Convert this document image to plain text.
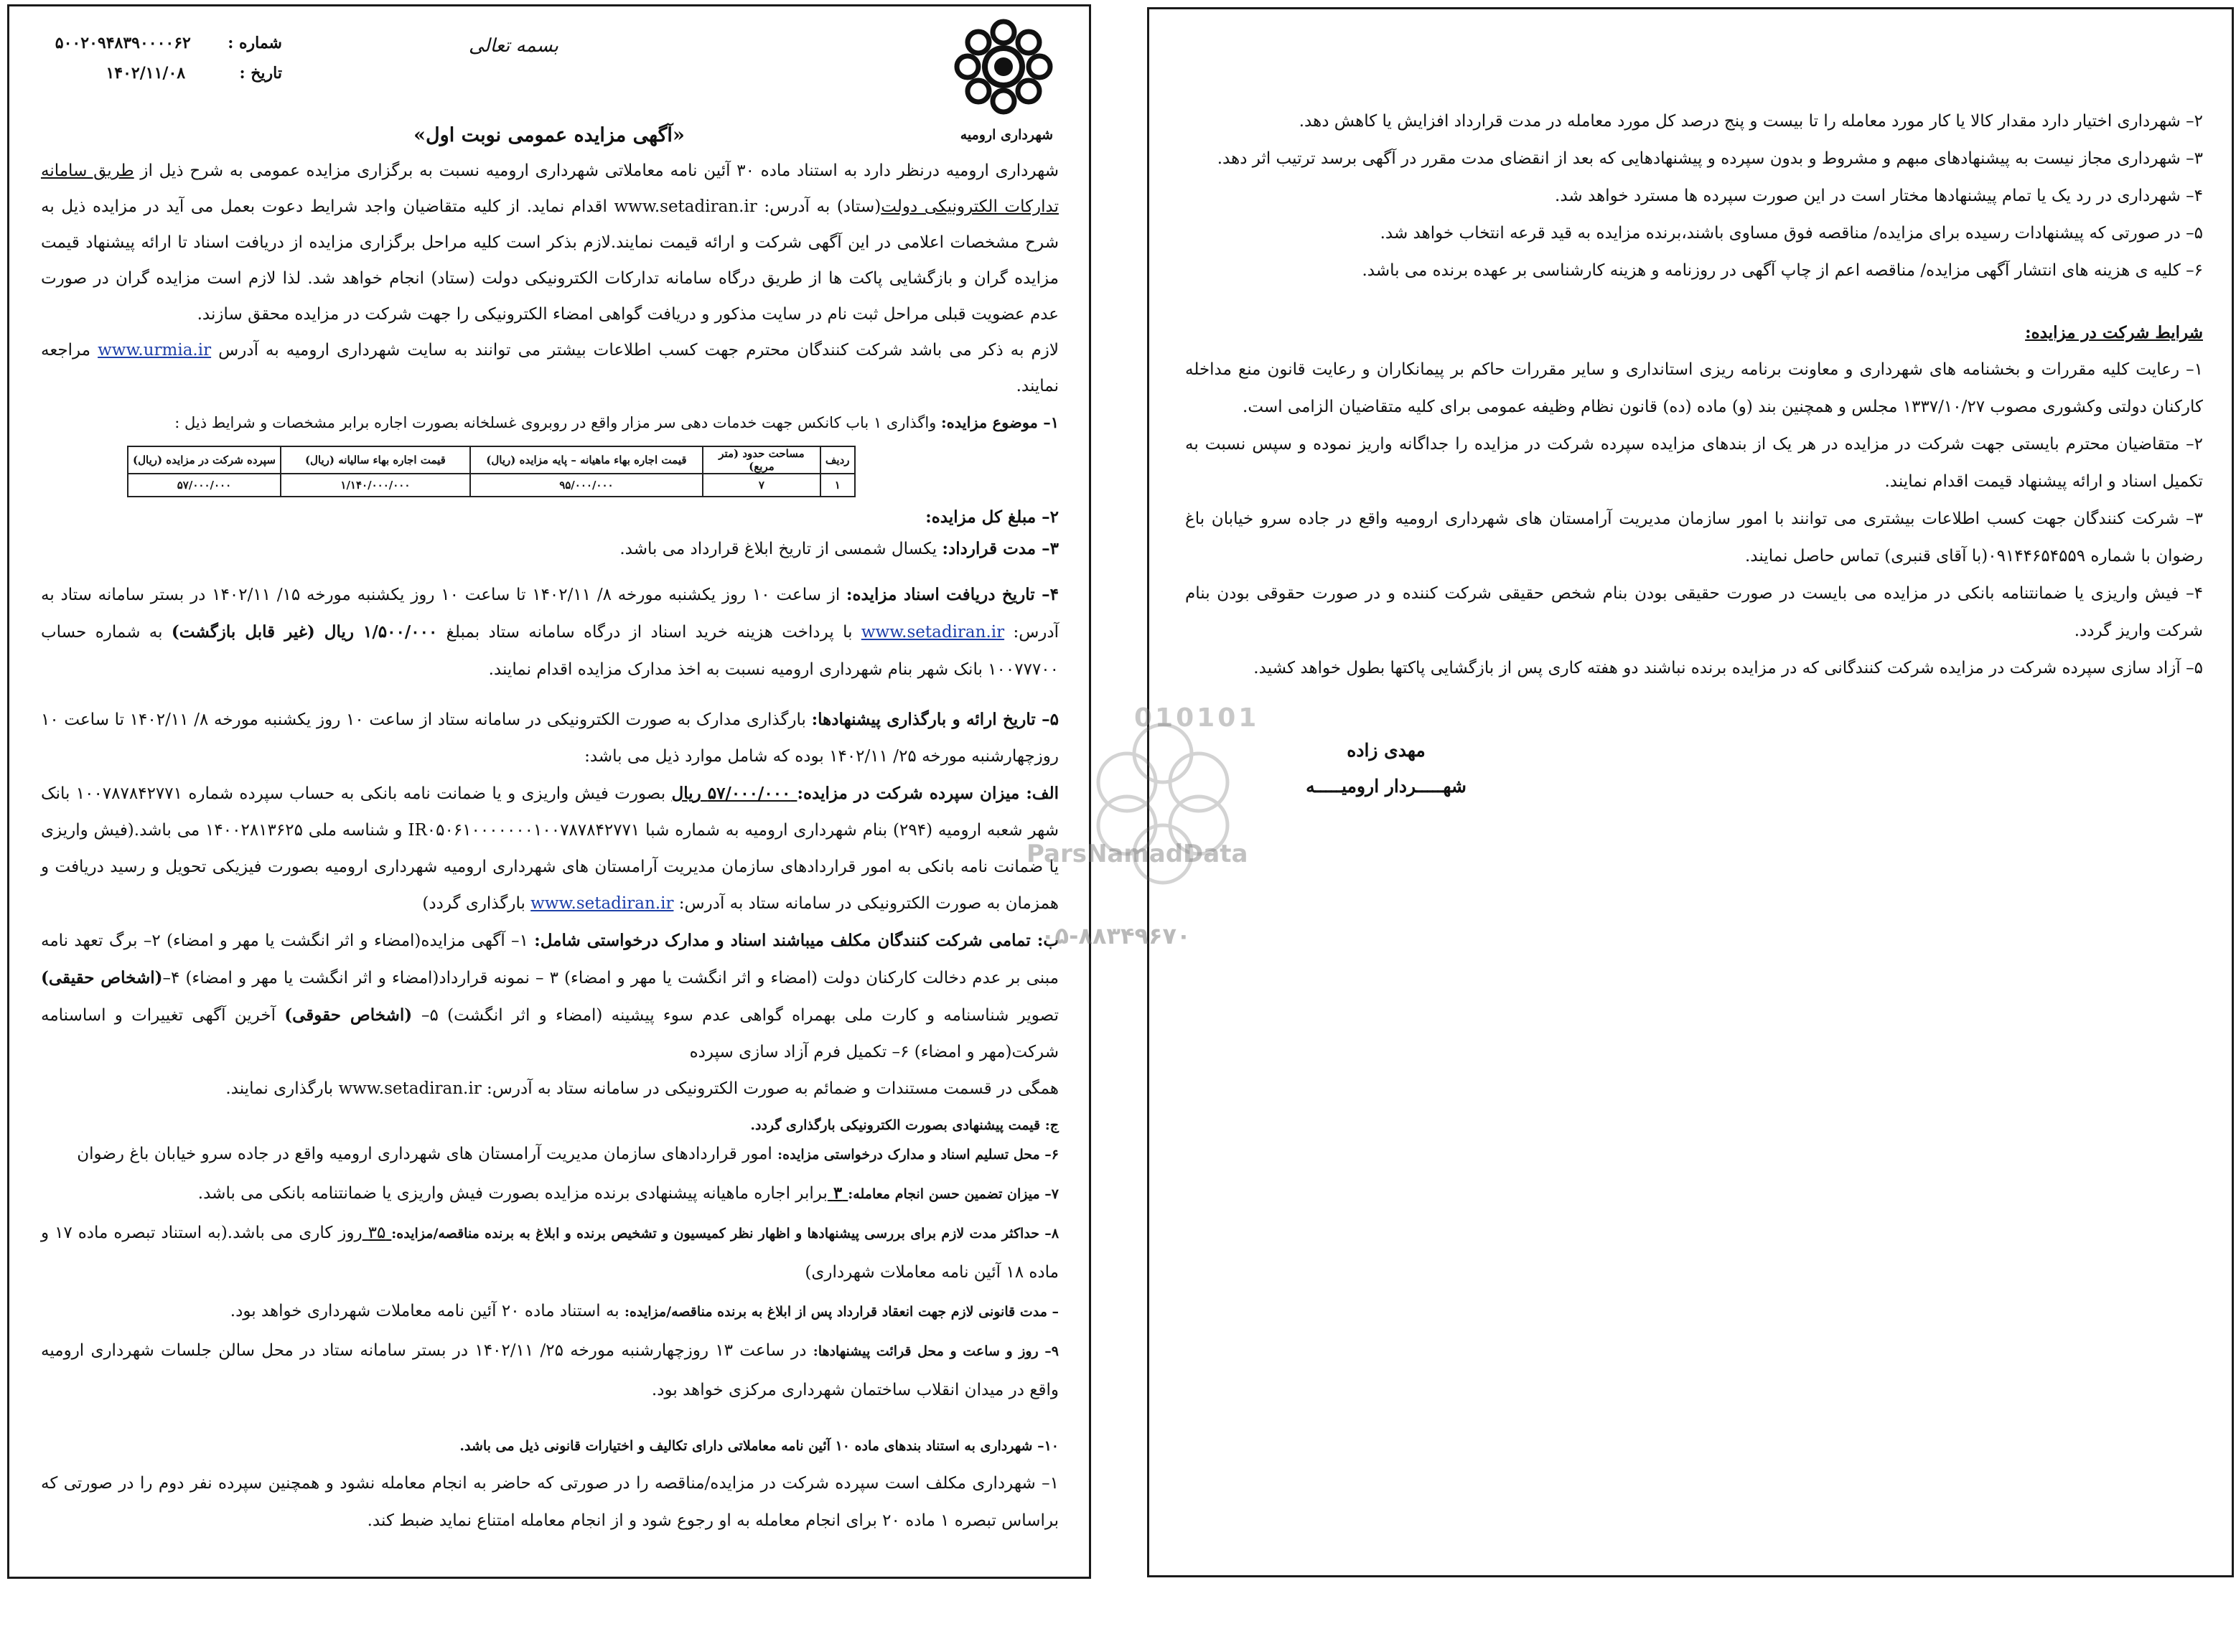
شهرداری ارومیه
بسمه تعالی
شماره :  ۵۰۰۲۰۹۴۸۳۹۰۰۰۰۶۲
تاریخ :  ۱۴۰۲/۱۱/۰۸
«آگهی مزایده عمومی نوبت اول»

شهرداری ارومیه درنظر دارد به استناد ماده ۳۰ آئین نامه معاملاتی شهرداری ارومیه نسبت به برگزاری مزایده عمومی به شرح ذیل از طریق سامانه تدارکات الکترونیکی دولت(ستاد) به آدرس: www.setadiran.ir اقدام نماید. از کلیه متقاضیان واجد شرایط دعوت بعمل می آید در مزایده ذیل به شرح مشخصات اعلامی در این آگهی شرکت و ارائه قیمت نمایند.لازم بذکر است کلیه مراحل برگزاری مزایده از دریافت اسناد تا ارائه پیشنهاد قیمت مزایده گران و بازگشایی پاکت ها از طریق درگاه سامانه تدارکات الکترونیکی دولت (ستاد) انجام خواهد شد. لذا لازم است مزایده گران در صورت عدم عضویت قبلی مراحل ثبت نام در سایت مذکور و دریافت گواهی امضاء الکترونیکی را جهت شرکت در مزایده محقق سازند.

لازم به ذکر می باشد شرکت کنندگان محترم جهت کسب اطلاعات بیشتر می توانند به سایت شهرداری ارومیه به آدرس www.urmia.ir مراجعه نمایند.

۱– موضوع مزایده: واگذاری ۱ باب کانکس جهت خدمات دهی سر مزار واقع در روبروی غسلخانه بصورت اجاره برابر مشخصات و شرایط ذیل :
ردیف	مساحت حدود (متر مربع)	قیمت اجاره بهاء ماهیانه – پایه مزایده (ریال)	قیمت اجاره بهاء سالیانه (ریال)	سپرده شرکت در مزایده (ریال)
۱	۷	۹۵/۰۰۰/۰۰۰	۱/۱۴۰/۰۰۰/۰۰۰	۵۷/۰۰۰/۰۰۰

۲– مبلغ کل مزایده:

۳– مدت قرارداد: یکسال شمسی از تاریخ ابلاغ قرارداد می باشد.

۴– تاریخ دریافت اسناد مزایده: از ساعت ۱۰ روز یکشنبه مورخه ۸/ ۱۴۰۲/۱۱ تا ساعت ۱۰ روز یکشنبه مورخه ۱۵/ ۱۴۰۲/۱۱ در بستر سامانه ستاد به آدرس: www.setadiran.ir با پرداخت هزینه خرید اسناد از درگاه سامانه ستاد بمبلغ ۱/۵۰۰/۰۰۰ ریال (غیر قابل بازگشت) به شماره حساب ۱۰۰۷۷۷۰۰ بانک شهر بنام شهرداری ارومیه نسبت به اخذ مدارک مزایده اقدام نمایند.

۵– تاریخ ارائه و بارگذاری پیشنهادها: بارگذاری مدارک به صورت الکترونیکی در سامانه ستاد از ساعت ۱۰ روز یکشنبه مورخه ۸/ ۱۴۰۲/۱۱ تا ساعت ۱۰ روزچهارشنبه مورخه ۲۵/ ۱۴۰۲/۱۱ بوده که شامل موارد ذیل می باشد:

الف: میزان سپرده شرکت در مزایده: ۵۷/۰۰۰/۰۰۰ ریال بصورت فیش واریزی و یا ضمانت نامه بانکی به حساب سپرده شماره ۱۰۰۷۸۷۸۴۲۷۷۱ بانک شهر شعبه ارومیه (۲۹۴) بنام شهرداری ارومیه به شماره شبا IR۰۵۰۶۱۰۰۰۰۰۰۰۱۰۰۷۸۷۸۴۲۷۷۱ و شناسه ملی ۱۴۰۰۲۸۱۳۶۲۵ می باشد.(فیش واریزی یا ضمانت نامه بانکی به امور قراردادهای سازمان مدیریت آرامستان های شهرداری ارومیه شهرداری ارومیه بصورت فیزیکی تحویل و رسید دریافت و همزمان به صورت الکترونیکی در سامانه ستاد به آدرس: www.setadiran.ir بارگذاری گردد)

ب: تمامی شرکت کنندگان مکلف میباشند اسناد و مدارک درخواستی شامل: ۱– آگهی مزایده(امضاء و اثر انگشت یا مهر و امضاء) ۲– برگ تعهد نامه مبنی بر عدم دخالت کارکنان دولت (امضاء و اثر انگشت یا مهر و امضاء) ۳ – نمونه قرارداد(امضاء و اثر انگشت یا مهر و امضاء) ۴–(اشخاص حقیقی) تصویر شناسنامه و کارت ملی بهمراه گواهی عدم سوء پیشینه (امضاء و اثر انگشت) ۵– (اشخاص حقوقی) آخرین آگهی تغییرات و اساسنامه شرکت(مهر و امضاء) ۶– تکمیل فرم آزاد سازی سپرده

همگی در قسمت مستندات و ضمائم به صورت الکترونیکی در سامانه ستاد به آدرس: www.setadiran.ir بارگذاری نمایند.

ج: قیمت پیشنهادی بصورت الکترونیکی بارگذاری گردد.

۶– محل تسلیم اسناد و مدارک درخواستی مزایده: امور قراردادهای سازمان مدیریت آرامستان های شهرداری ارومیه واقع در جاده سرو خیابان باغ رضوان

۷– میزان تضمین حسن انجام معامله: ۳ برابر اجاره ماهیانه پیشنهادی برنده مزایده بصورت فیش واریزی یا ضمانتنامه بانکی می باشد.

۸– حداکثر مدت لازم برای بررسی پیشنهادها و اظهار نظر کمیسیون و تشخیص برنده و ابلاغ به برنده مناقصه/مزایده: ۳۵ روز کاری می باشد.(به استناد تبصره ماده ۱۷ و ماده ۱۸ آئین نامه معاملات شهرداری)

– مدت قانونی لازم جهت انعقاد قرارداد پس از ابلاغ به برنده مناقصه/مزایده: به استناد ماده ۲۰ آئین نامه معاملات شهرداری خواهد بود.

۹– روز و ساعت و محل قرائت پیشنهادها: در ساعت ۱۳ روزچهارشنبه مورخه ۲۵/ ۱۴۰۲/۱۱ در بستر سامانه ستاد در محل سالن جلسات شهرداری ارومیه واقع در میدان انقلاب ساختمان شهرداری مرکزی خواهد بود.

۱۰– شهرداری به استناد بندهای ماده ۱۰ آئین نامه معاملاتی دارای تکالیف و اختیارات قانونی ذیل می باشد.

۱– شهرداری مکلف است سپرده شرکت در مزایده/مناقصه را در صورتی که حاضر به انجام معامله نشود و همچنین سپرده نفر دوم را در صورتی که براساس تبصره ۱ ماده ۲۰ برای انجام معامله به او رجوع شود و از انجام معامله امتناع نماید ضبط کند.

۲– شهرداری اختیار دارد مقدار کالا یا کار مورد معامله را تا بیست و پنج درصد کل مورد معامله در مدت قرارداد افزایش یا کاهش دهد.

۳– شهرداری مجاز نیست به پیشنهادهای مبهم و مشروط و بدون سپرده و پیشنهادهایی که بعد از انقضای مدت مقرر در آگهی برسد ترتیب اثر دهد.

۴– شهرداری در رد یک یا تمام پیشنهادها مختار است در این صورت سپرده ها مسترد خواهد شد.

۵– در صورتی که پیشنهادات رسیده برای مزایده/ مناقصه فوق مساوی باشند،برنده مزایده به قید قرعه انتخاب خواهد شد.

۶– کلیه ی هزینه های انتشار آگهی مزایده/ مناقصه اعم از چاپ آگهی در روزنامه و هزینه کارشناسی بر عهده برنده می باشد.

شرایط شرکت در مزایده:

۱– رعایت کلیه مقررات و بخشنامه های شهرداری و معاونت برنامه ریزی استانداری و سایر مقررات حاکم بر پیمانکاران و رعایت قانون منع مداخله کارکنان دولتی وکشوری مصوب ۱۳۳۷/۱۰/۲۷ مجلس و همچنین بند (و) ماده (ده) قانون نظام وظیفه عمومی برای کلیه متقاضیان الزامی است.

۲– متقاضیان محترم بایستی جهت شرکت در مزایده در هر یک از بندهای مزایده سپرده شرکت در مزایده را جداگانه واریز نموده و سپس نسبت به تکمیل اسناد و ارائه پیشنهاد قیمت اقدام نمایند.

۳– شرکت کنندگان جهت کسب اطلاعات بیشتری می توانند با امور سازمان مدیریت آرامستان های شهرداری ارومیه واقع در جاده سرو خیابان باغ رضوان با شماره ۰۹۱۴۴۶۵۴۵۵۹(با آقای قنبری) تماس حاصل نمایند.

۴– فیش واریزی یا ضمانتنامه بانکی در مزایده می بایست در صورت حقیقی بودن بنام شخص حقیقی شرکت کننده و در صورت حقوقی بودن بنام شرکت واریز گردد.

۵– آزاد سازی سپرده شرکت در مزایده شرکت کنندگانی که در مزایده برنده نباشند دو هفته کاری پس از بازگشایی پاکتها بطول خواهد کشید.

مهدی زاده
شهـــــردار ارومیـــــه
010101
ParsNamadData
۰۵-۸۸۳۴۹۶۷۰
